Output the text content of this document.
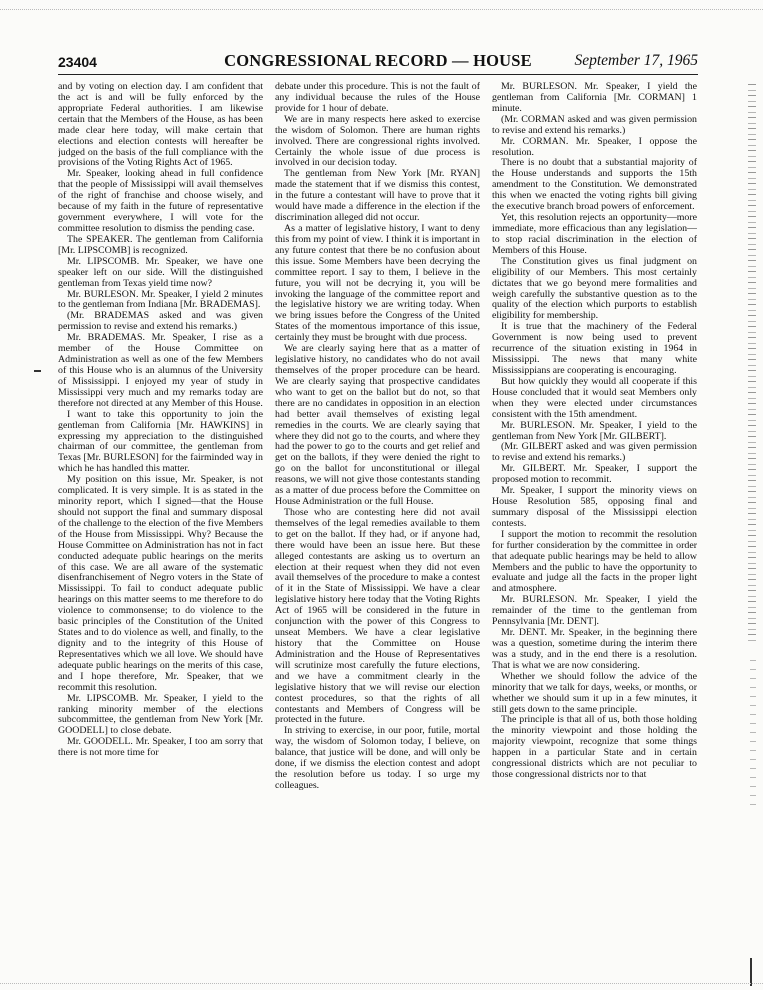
23404	CONGRESSIONAL RECORD — HOUSE	September 17, 1965

and by voting on election day. I am confident that the act is and will be fully enforced by the appropriate Federal authorities. I am likewise certain that the Members of the House, as has been made clear here today, will make certain that elections and election contests will hereafter be judged on the basis of the full compliance with the provisions of the Voting Rights Act of 1965.

Mr. Speaker, looking ahead in full confidence that the people of Mississippi will avail themselves of the right of franchise and choose wisely, and because of my faith in the future of representative government everywhere, I will vote for the committee resolution to dismiss the pending case.

The SPEAKER. The gentleman from California [Mr. LIPSCOMB] is recognized.

Mr. LIPSCOMB. Mr. Speaker, we have one speaker left on our side. Will the distinguished gentleman from Texas yield time now?

Mr. BURLESON. Mr. Speaker, I yield 2 minutes to the gentleman from Indiana [Mr. BRADEMAS].

(Mr. BRADEMAS asked and was given permission to revise and extend his remarks.)

Mr. BRADEMAS. Mr. Speaker, I rise as a member of the House Committee on Administration as well as one of the few Members of this House who is an alumnus of the University of Mississippi. I enjoyed my year of study in Mississippi very much and my remarks today are therefore not directed at any Member of this House.

I want to take this opportunity to join the gentleman from California [Mr. HAWKINS] in expressing my appreciation to the distinguished chairman of our committee, the gentleman from Texas [Mr. BURLESON] for the fairminded way in which he has handled this matter.

My position on this issue, Mr. Speaker, is not complicated. It is very simple. It is as stated in the minority report, which I signed—that the House should not support the final and summary disposal of the challenge to the election of the five Members of the House from Mississippi. Why? Because the House Committee on Administration has not in fact conducted adequate public hearings on the merits of this case. We are all aware of the systematic disenfranchisement of Negro voters in the State of Mississippi. To fail to conduct adequate public hearings on this matter seems to me therefore to do violence to commonsense; to do violence to the basic principles of the Constitution of the United States and to do violence as well, and finally, to the dignity and to the integrity of this House of Representatives which we all love. We should have adequate public hearings on the merits of this case, and I hope therefore, Mr. Speaker, that we recommit this resolution.

Mr. LIPSCOMB. Mr. Speaker, I yield to the ranking minority member of the elections subcommittee, the gentleman from New York [Mr. GOODELL] to close debate.

Mr. GOODELL. Mr. Speaker, I too am sorry that there is not more time for

debate under this procedure. This is not the fault of any individual because the rules of the House provide for 1 hour of debate.

We are in many respects here asked to exercise the wisdom of Solomon. There are human rights involved. There are congressional rights involved. Certainly the whole issue of due process is involved in our decision today.

The gentleman from New York [Mr. RYAN] made the statement that if we dismiss this contest, in the future a contestant will have to prove that it would have made a difference in the election if the discrimination alleged did not occur.

As a matter of legislative history, I want to deny this from my point of view. I think it is important in any future contest that there be no confusion about this issue. Some Members have been decrying the committee report. I say to them, I believe in the future, you will not be decrying it, you will be invoking the language of the committee report and the legislative history we are writing today. When we bring issues before the Congress of the United States of the momentous importance of this issue, certainly they must be brought with due process.

We are clearly saying here that as a matter of legislative history, no candidates who do not avail themselves of the proper procedure can be heard. We are clearly saying that prospective candidates who want to get on the ballot but do not, so that there are no candidates in opposition in an election had better avail themselves of existing legal remedies in the courts. We are clearly saying that where they did not go to the courts, and where they had the power to go to the courts and get relief and get on the ballots, if they were denied the right to go on the ballot for unconstitutional or illegal reasons, we will not give those contestants standing as a matter of due process before the Committee on House Administration or the full House.

Those who are contesting here did not avail themselves of the legal remedies available to them to get on the ballot. If they had, or if anyone had, there would have been an issue here. But these alleged contestants are asking us to overturn an election at their request when they did not even avail themselves of the procedure to make a contest of it in the State of Mississippi. We have a clear legislative history here today that the Voting Rights Act of 1965 will be considered in the future in conjunction with the power of this Congress to unseat Members. We have a clear legislative history that the Committee on House Administration and the House of Representatives will scrutinize most carefully the future elections, and we have a commitment clearly in the legislative history that we will revise our election contest procedures, so that the rights of all contestants and Members of Congress will be protected in the future.

In striving to exercise, in our poor, futile, mortal way, the wisdom of Solomon today, I believe, on balance, that justice will be done, and will only be done, if we dismiss the election contest and adopt the resolution before us today. I so urge my colleagues.

Mr. BURLESON. Mr. Speaker, I yield the gentleman from California [Mr. CORMAN] 1 minute.

(Mr. CORMAN asked and was given permission to revise and extend his remarks.)

Mr. CORMAN. Mr. Speaker, I oppose the resolution.

There is no doubt that a substantial majority of the House understands and supports the 15th amendment to the Constitution. We demonstrated this when we enacted the voting rights bill giving the executive branch broad powers of enforcement.

Yet, this resolution rejects an opportunity—more immediate, more efficacious than any legislation—to stop racial discrimination in the election of Members of this House.

The Constitution gives us final judgment on eligibility of our Members. This most certainly dictates that we go beyond mere formalities and weigh carefully the substantive question as to the quality of the election which purports to establish eligibility for membership.

It is true that the machinery of the Federal Government is now being used to prevent recurrence of the situation existing in 1964 in Mississippi. The news that many white Mississippians are cooperating is encouraging.

But how quickly they would all cooperate if this House concluded that it would seat Members only when they were elected under circumstances consistent with the 15th amendment.

Mr. BURLESON. Mr. Speaker, I yield to the gentleman from New York [Mr. GILBERT].

(Mr. GILBERT asked and was given permission to revise and extend his remarks.)

Mr. GILBERT. Mr. Speaker, I support the proposed motion to recommit.

Mr. Speaker, I support the minority views on House Resolution 585, opposing final and summary disposal of the Mississippi election contests.

I support the motion to recommit the resolution for further consideration by the committee in order that adequate public hearings may be held to allow Members and the public to have the opportunity to evaluate and judge all the facts in the proper light and atmosphere.

Mr. BURLESON. Mr. Speaker, I yield the remainder of the time to the gentleman from Pennsylvania [Mr. DENT].

Mr. DENT. Mr. Speaker, in the beginning there was a question, sometime during the interim there was a study, and in the end there is a resolution. That is what we are now considering.

Whether we should follow the advice of the minority that we talk for days, weeks, or months, or whether we should sum it up in a few minutes, it still gets down to the same principle.

The principle is that all of us, both those holding the minority viewpoint and those holding the majority viewpoint, recognize that some things happen in a particular State and in certain congressional districts which are not peculiar to those congressional districts nor to that
